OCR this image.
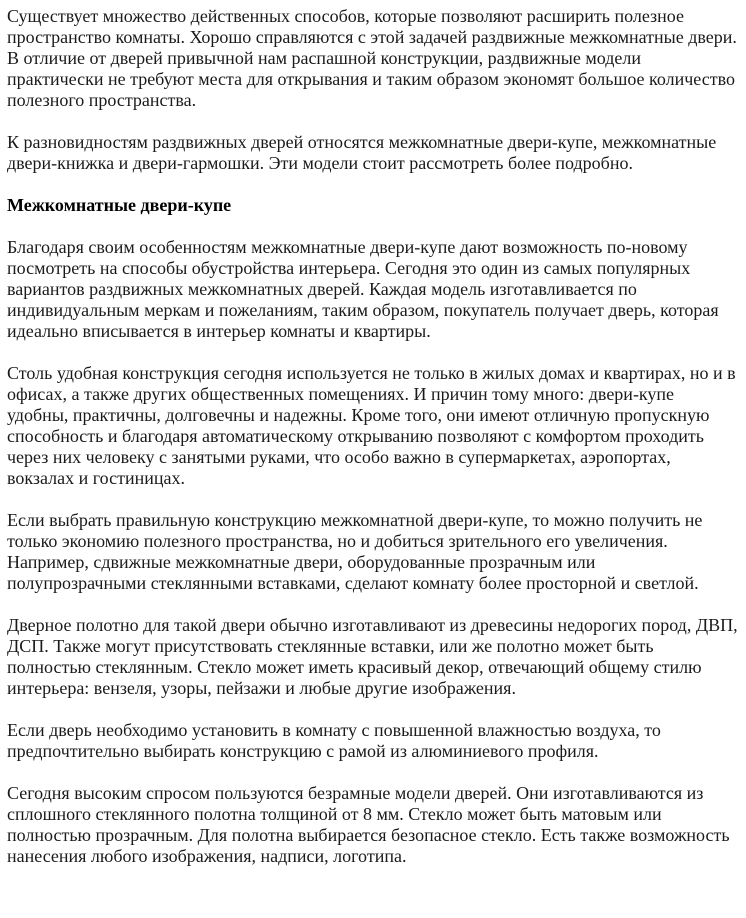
Существует множество действенных способов, которые позволяют расширить полезное пространство комнаты. Хорошо справляются с этой задачей раздвижные межкомнатные двери. В отличие от дверей привычной нам распашной конструкции, раздвижные модели практически не требуют места для открывания и таким образом экономят большое количество полезного пространства.

К разновидностям раздвижных дверей относятся межкомнатные двери-купе, межкомнатные двери-книжка и двери-гармошки. Эти модели стоит рассмотреть более подробно.

Межкомнатные двери-купе

Благодаря своим особенностям межкомнатные двери-купе дают возможность по-новому посмотреть на способы обустройства интерьера. Сегодня это один из самых популярных вариантов раздвижных межкомнатных дверей. Каждая модель изготавливается по индивидуальным меркам и пожеланиям, таким образом, покупатель получает дверь, которая идеально вписывается в интерьер комнаты и квартиры.

Столь удобная конструкция сегодня используется не только в жилых домах и квартирах, но и в офисах, а также других общественных помещениях. И причин тому много: двери-купе удобны, практичны, долговечны и надежны. Кроме того, они имеют отличную пропускную способность и благодаря автоматическому открыванию позволяют с комфортом проходить через них человеку с занятыми руками, что особо важно в супермаркетах, аэропортах, вокзалах и гостиницах.

Если выбрать правильную конструкцию межкомнатной двери-купе, то можно получить не только экономию полезного пространства, но и добиться зрительного его увеличения. Например, сдвижные межкомнатные двери, оборудованные прозрачным или полупрозрачными стеклянными вставками, сделают комнату более просторной и светлой.

Дверное полотно для такой двери обычно изготавливают из древесины недорогих пород, ДВП, ДСП. Также могут присутствовать стеклянные вставки, или же полотно может быть полностью стеклянным. Стекло может иметь красивый декор, отвечающий общему стилю интерьера: вензеля, узоры, пейзажи и любые другие изображения.

Если дверь необходимо установить в комнату с повышенной влажностью воздуха, то предпочтительно выбирать конструкцию с рамой из алюминиевого профиля.

Сегодня высоким спросом пользуются безрамные модели дверей. Они изготавливаются из сплошного стеклянного полотна толщиной от 8 мм. Стекло может быть матовым или полностью прозрачным. Для полотна выбирается безопасное стекло. Есть также возможность нанесения любого изображения, надписи, логотипа.
